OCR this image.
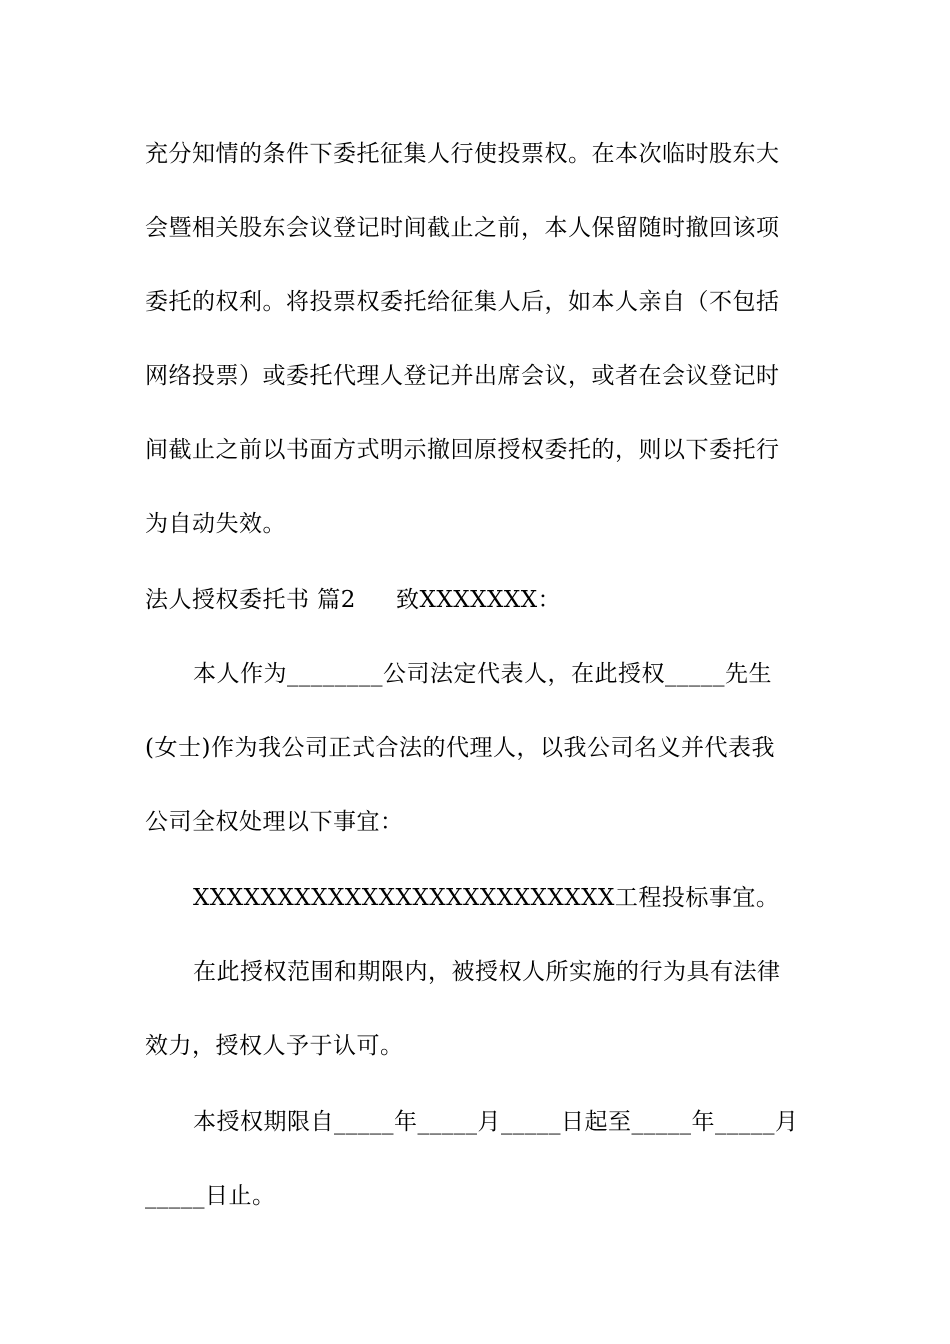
充分知情的条件下委托征集人行使投票权。在本次临时股东大
会暨相关股东会议登记时间截止之前，本人保留随时撤回该项
委托的权利。将投票权委托给征集人后，如本人亲自（不包括
网络投票）或委托代理人登记并出席会议，或者在会议登记时
间截止之前以书面方式明示撤回原授权委托的，则以下委托行
为自动失效。
法人授权委托书 篇2 致XXXXXXX：
本人作为________公司法定代表人，在此授权_____先生
(女士)作为我公司正式合法的代理人，以我公司名义并代表我
公司全权处理以下事宜：
XXXXXXXXXXXXXXXXXXXXXXXXX工程投标事宜。
在此授权范围和期限内，被授权人所实施的行为具有法律
效力，授权人予于认可。
本授权期限自_____年_____月_____日起至_____年_____月
_____日止。
